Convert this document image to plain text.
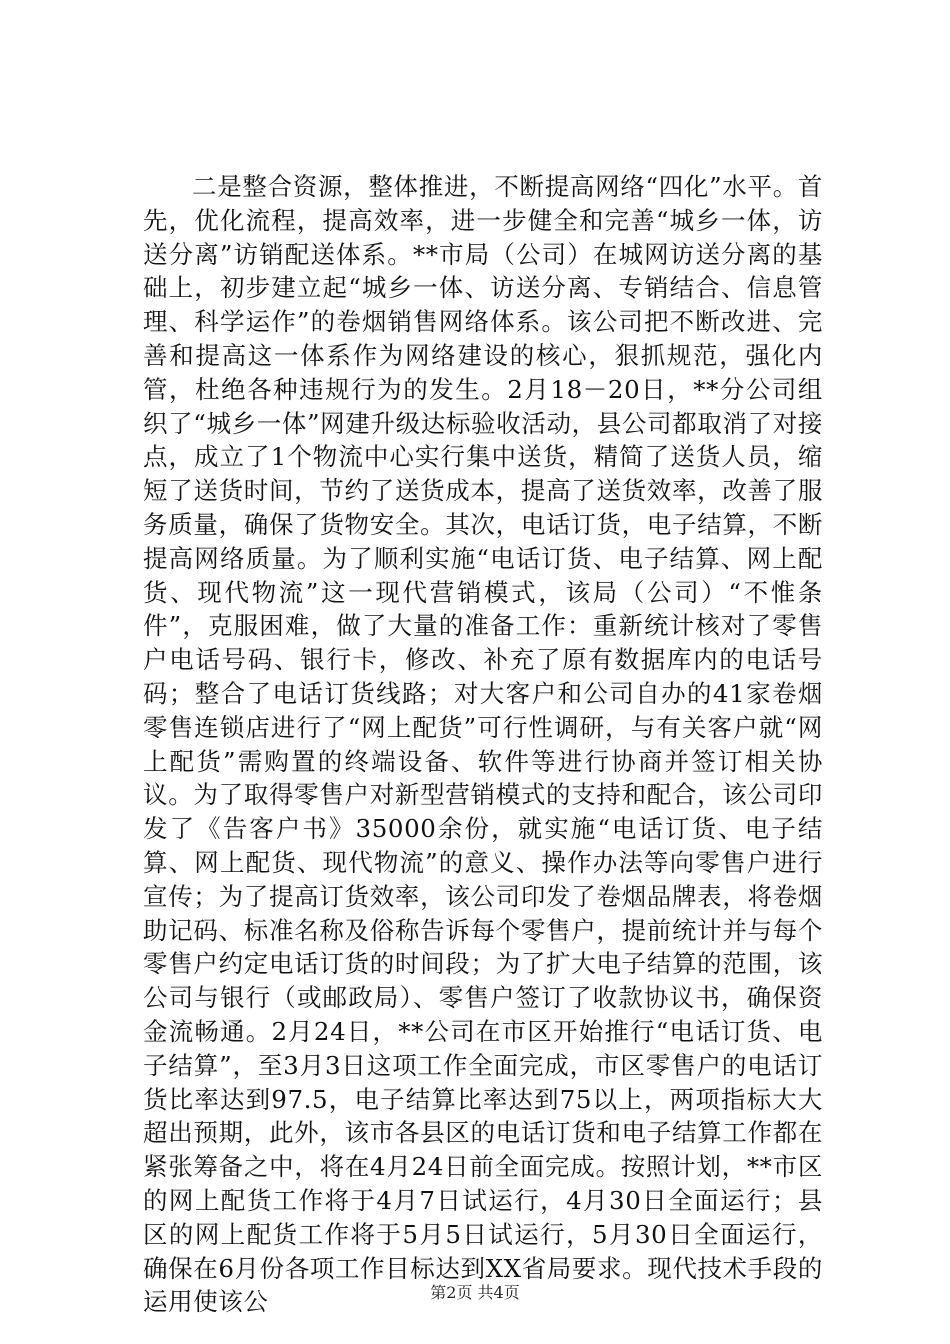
二是整合资源，整体推进，不断提高网络“四化”水平。首先，优化流程，提高效率，进一步健全和完善“城乡一体，访送分离”访销配送体系。**市局（公司）在城网访送分离的基础上，初步建立起“城乡一体、访送分离、专销结合、信息管理、科学运作”的卷烟销售网络体系。该公司把不断改进、完善和提高这一体系作为网络建设的核心，狠抓规范，强化内管，杜绝各种违规行为的发生。2月18－20日，**分公司组织了“城乡一体”网建升级达标验收活动，县公司都取消了对接点，成立了1个物流中心实行集中送货，精简了送货人员，缩短了送货时间，节约了送货成本，提高了送货效率，改善了服务质量，确保了货物安全。其次，电话订货，电子结算，不断提高网络质量。为了顺利实施“电话订货、电子结算、网上配货、现代物流”这一现代营销模式，该局（公司）“不惟条件”，克服困难，做了大量的准备工作：重新统计核对了零售户电话号码、银行卡，修改、补充了原有数据库内的电话号码；整合了电话订货线路；对大客户和公司自办的41家卷烟零售连锁店进行了“网上配货”可行性调研，与有关客户就“网上配货”需购置的终端设备、软件等进行协商并签订相关协议。为了取得零售户对新型营销模式的支持和配合，该公司印发了《告客户书》35000余份，就实施“电话订货、电子结算、网上配货、现代物流”的意义、操作办法等向零售户进行宣传；为了提高订货效率，该公司印发了卷烟品牌表，将卷烟助记码、标准名称及俗称告诉每个零售户，提前统计并与每个零售户约定电话订货的时间段；为了扩大电子结算的范围，该公司与银行（或邮政局）、零售户签订了收款协议书，确保资金流畅通。2月24日，**公司在市区开始推行“电话订货、电子结算”，至3月3日这项工作全面完成，市区零售户的电话订货比率达到97.5，电子结算比率达到75以上，两项指标大大超出预期，此外，该市各县区的电话订货和电子结算工作都在紧张筹备之中，将在4月24日前全面完成。按照计划，**市区的网上配货工作将于4月7日试运行，4月30日全面运行；县区的网上配货工作将于5月5日试运行，5月30日全面运行，确保在6月份各项工作目标达到XX省局要求。现代技术手段的运用使该公	第2页 共4页
